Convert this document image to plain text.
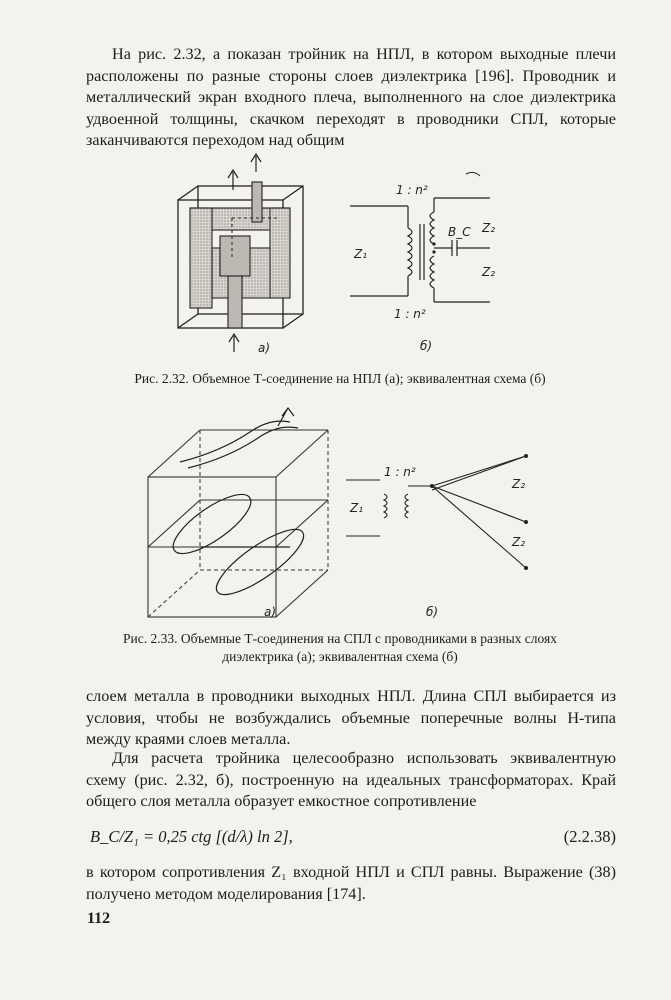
На рис. 2.32, а показан тройник на НПЛ, в котором выходные плечи расположены по разные стороны слоев диэлектрика [196]. Проводник и металлический экран входного плеча, выполненного на слое диэлектрика удвоенной толщины, скачком переходят в проводники СПЛ, которые заканчиваются переходом над общим

а)
1 : n²
1 : n²
Z₁
B_C Z₂
Z₂
б)
Рис. 2.32. Объемное Т-соединение на НПЛ (а); эквивалентная схема (б)
а)
1 : n²
Z₁
Z₂
Z₂
б)
Рис. 2.33. Объемные Т-соединения на СПЛ с проводниками в разных слоях
диэлектрика (а); эквивалентная схема (б)

слоем металла в проводники выходных НПЛ. Длина СПЛ выбирается из условия, чтобы не возбуждались объемные поперечные волны H-типа между краями слоев металла.

Для расчета тройника целесообразно использовать эквивалентную схему (рис. 2.32, б), построенную на идеальных трансформаторах. Край общего слоя металла образует емкостное сопротивление

B_C/Z₁ = 0,25 ctg [(d/λ) ln 2],	(2.2.38)

в котором сопротивления Z₁ входной НПЛ и СПЛ равны. Выражение (38) получено методом моделирования [174].

112
